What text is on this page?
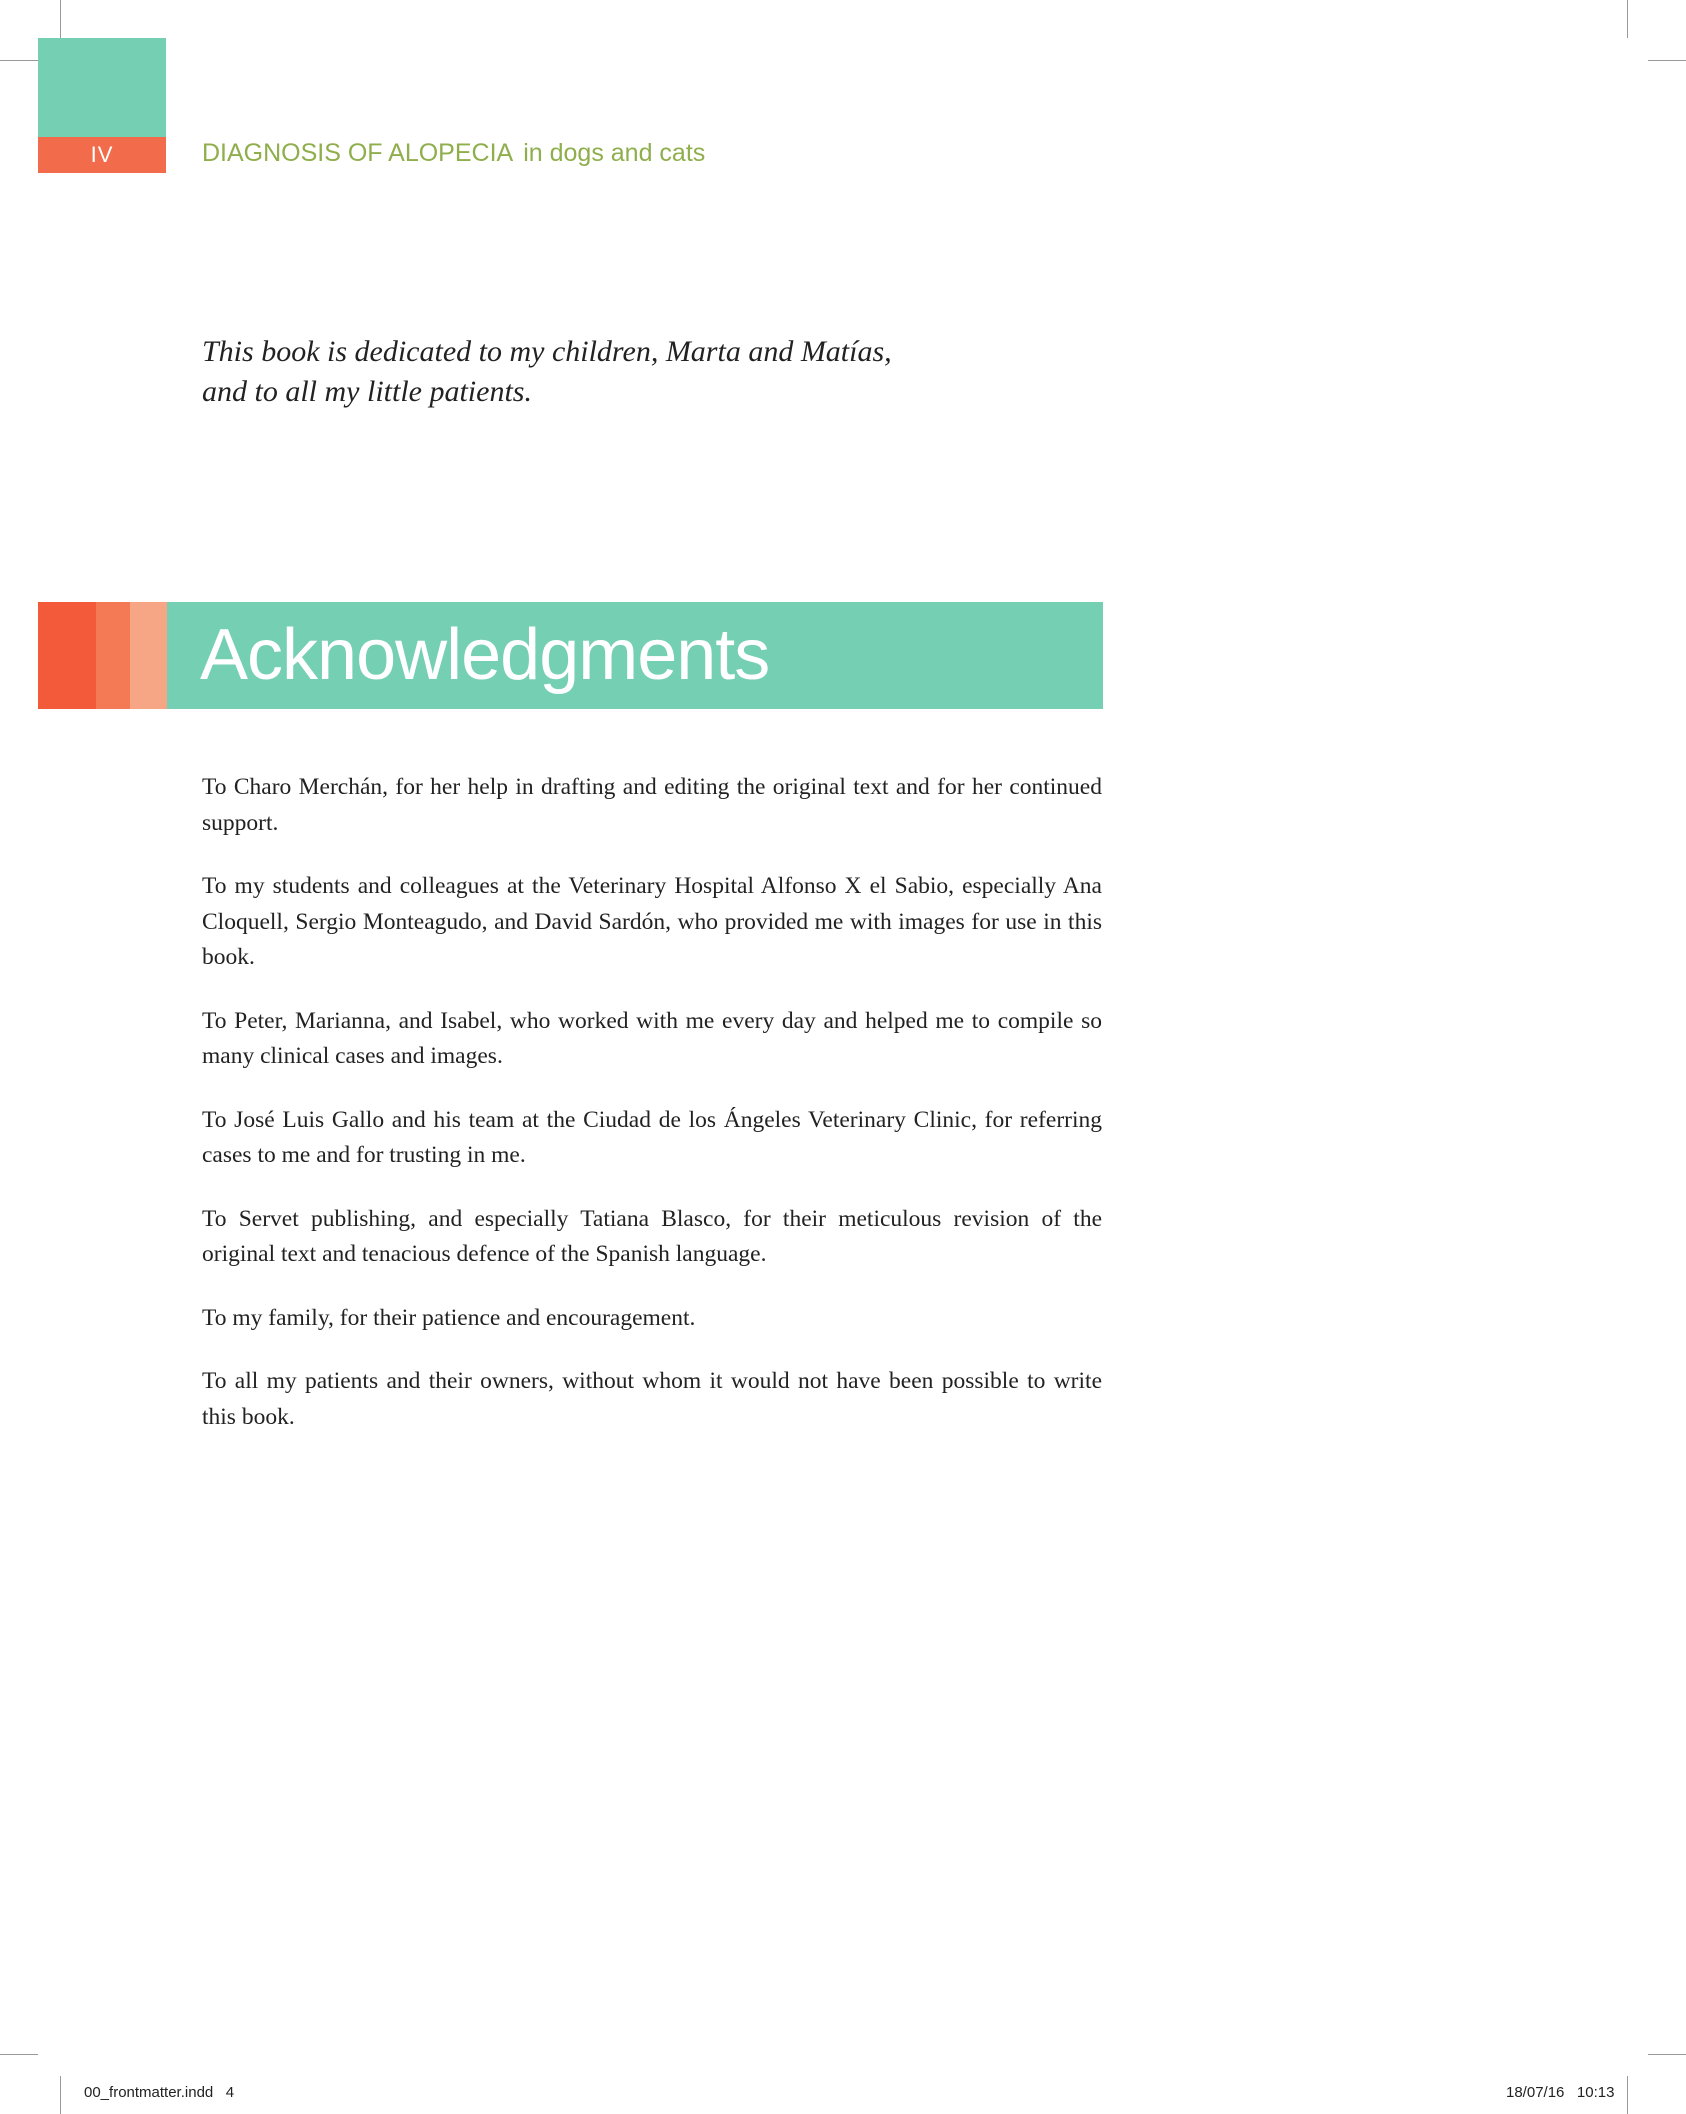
IV	DIAGNOSIS OF ALOPECIA in dogs and cats

This book is dedicated to my children, Marta and Matías,

and to all my little patients.

Acknowledgments

To Charo Merchán, for her help in drafting and editing the original text and for her continued support.

To my students and colleagues at the Veterinary Hospital Alfonso X el Sabio, especially Ana Cloquell, Sergio Monteagudo, and David Sardón, who provided me with images for use in this book.

To Peter, Marianna, and Isabel, who worked with me every day and helped me to compile so many clinical cases and images.

To José Luis Gallo and his team at the Ciudad de los Ángeles Veterinary Clinic, for referring cases to me and for trusting in me.

To Servet publishing, and especially Tatiana Blasco, for their meticulous revision of the original text and tenacious defence of the Spanish language.

To my family, for their patience and encouragement.

To all my patients and their owners, without whom it would not have been possible to write this book.

00_frontmatter.indd   4	18/07/16   10:13
